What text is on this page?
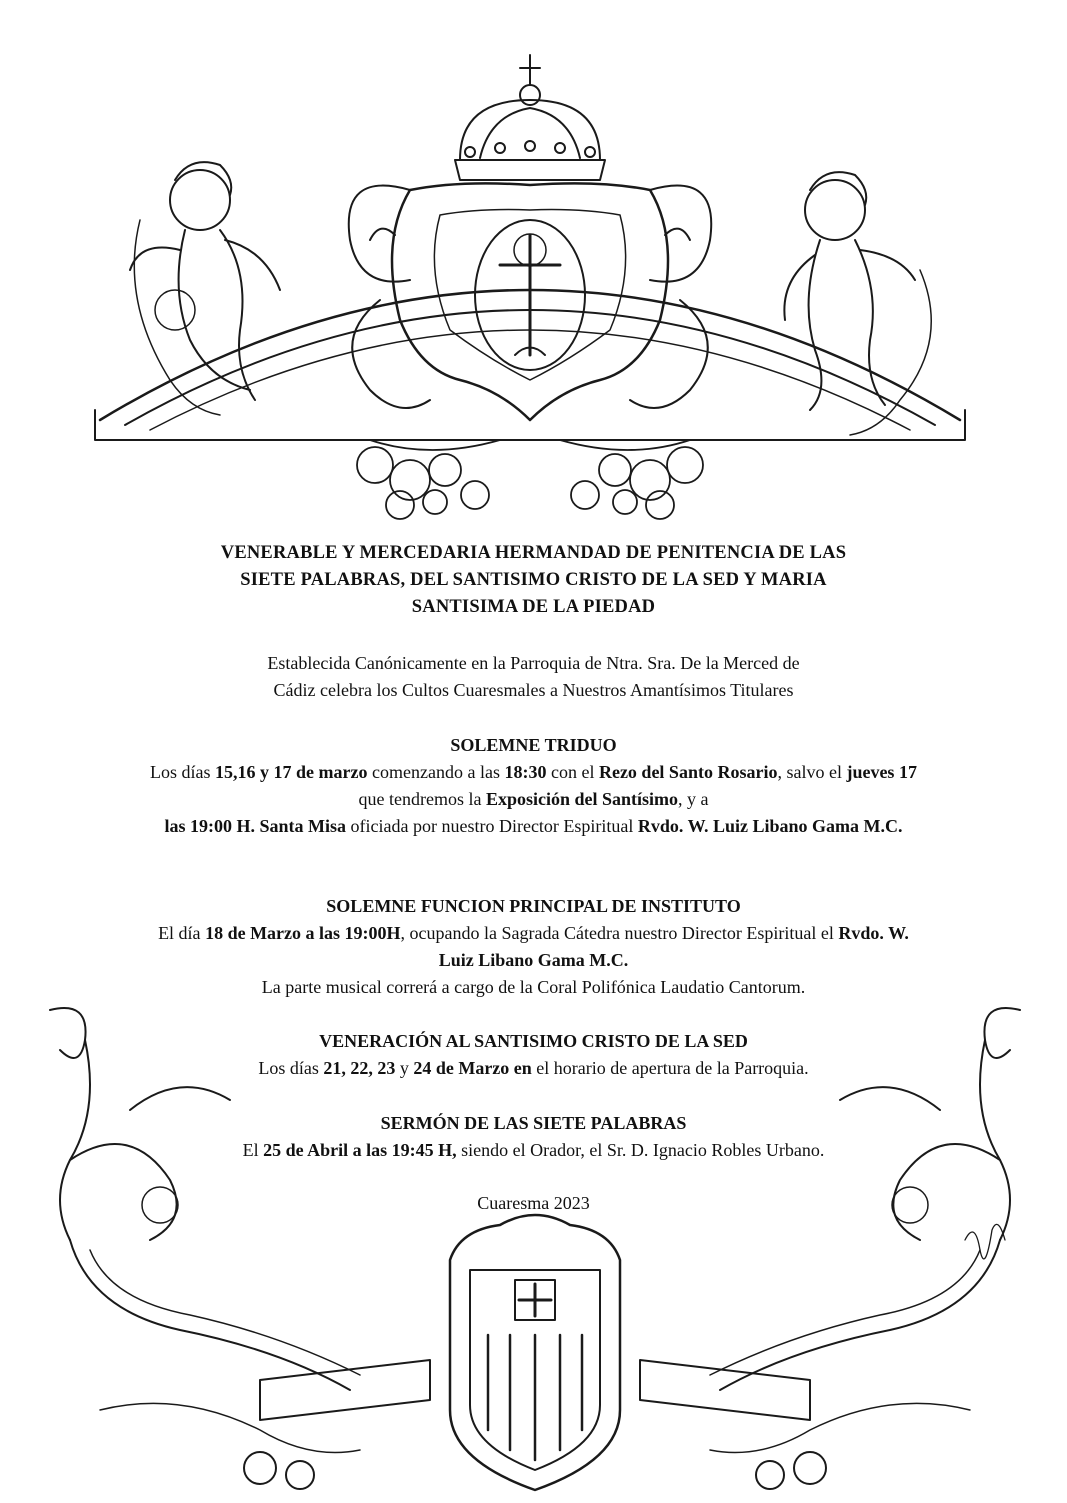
VENERABLE Y MERCEDARIA HERMANDAD DE PENITENCIA DE LAS
SIETE PALABRAS, DEL SANTISIMO CRISTO DE LA SED Y MARIA
SANTISIMA DE LA PIEDAD
Establecida Canónicamente en la Parroquia de Ntra. Sra. De la Merced de
Cádiz celebra los Cultos Cuaresmales a Nuestros Amantísimos Titulares
SOLEMNE TRIDUO
Los días 15,16 y 17 de marzo comenzando a las 18:30 con el Rezo del Santo Rosario, salvo el jueves 17 que tendremos la Exposición del Santísimo, y a
las 19:00 H. Santa Misa oficiada por nuestro Director Espiritual Rvdo. W. Luiz Libano Gama M.C.
SOLEMNE FUNCION PRINCIPAL DE INSTITUTO
El día 18 de Marzo a las 19:00H, ocupando la Sagrada Cátedra nuestro Director Espiritual el Rvdo. W. Luiz Libano Gama M.C.
La parte musical correrá a cargo de la Coral Polifónica Laudatio Cantorum.
VENERACIÓN AL SANTISIMO CRISTO DE LA SED
Los días 21, 22, 23 y 24 de Marzo en el horario de apertura de la Parroquia.
SERMÓN DE LAS SIETE PALABRAS
El 25 de Abril a las 19:45 H, siendo el Orador, el Sr. D. Ignacio Robles Urbano.
Cuaresma 2023
